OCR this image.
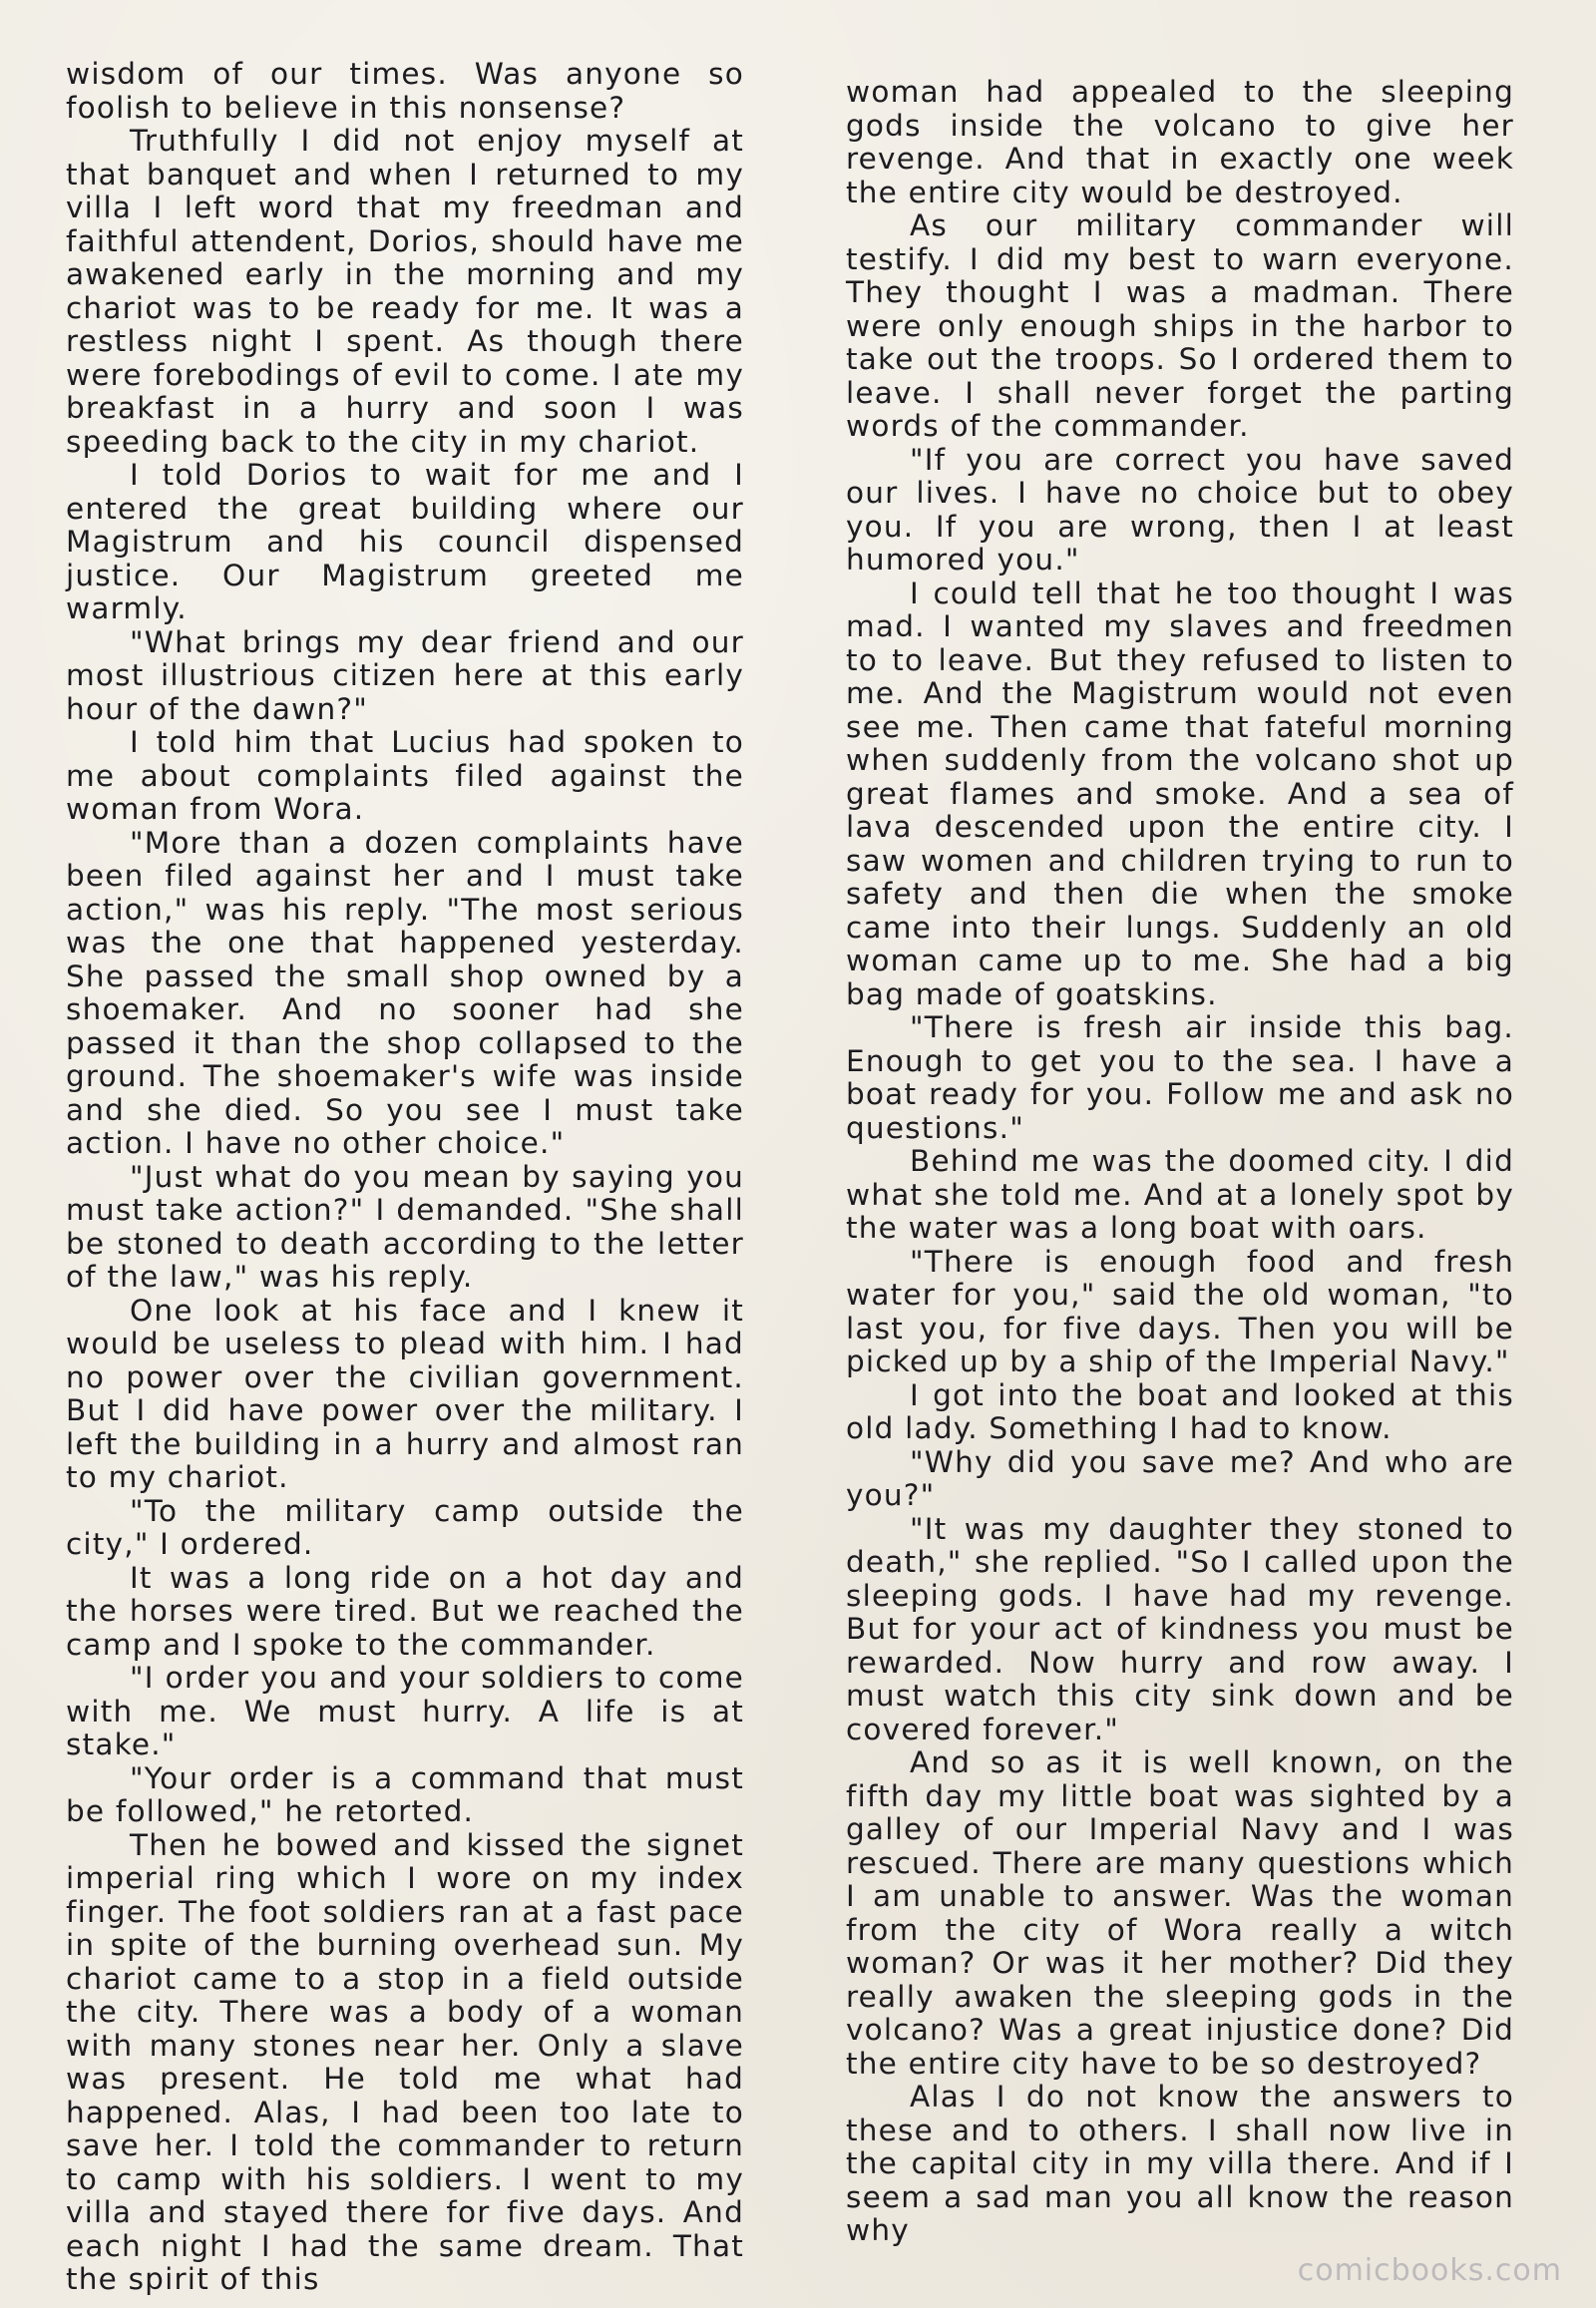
wisdom of our times. Was anyone so foolish to believe in this nonsense?

Truthfully I did not enjoy myself at that banquet and when I returned to my villa I left word that my freedman and faithful attendent, Dorios, should have me awakened early in the morning and my chariot was to be ready for me. It was a restless night I spent. As though there were forebodings of evil to come. I ate my breakfast in a hurry and soon I was speeding back to the city in my chariot.

I told Dorios to wait for me and I entered the great building where our Magistrum and his council dispensed justice. Our Magistrum greeted me warmly.

"What brings my dear friend and our most illustrious citizen here at this early hour of the dawn?"

I told him that Lucius had spoken to me about complaints filed against the woman from Wora.

"More than a dozen complaints have been filed against her and I must take action," was his reply. "The most serious was the one that happened yesterday. She passed the small shop owned by a shoemaker. And no sooner had she passed it than the shop collapsed to the ground. The shoemaker's wife was inside and she died. So you see I must take action. I have no other choice."

"Just what do you mean by saying you must take action?" I demanded. "She shall be stoned to death according to the letter of the law," was his reply.

One look at his face and I knew it would be useless to plead with him. I had no power over the civilian government. But I did have power over the military. I left the building in a hurry and almost ran to my chariot.

"To the military camp outside the city," I ordered.

It was a long ride on a hot day and the horses were tired. But we reached the camp and I spoke to the commander.

"I order you and your soldiers to come with me. We must hurry. A life is at stake."

"Your order is a command that must be followed," he retorted.

Then he bowed and kissed the signet imperial ring which I wore on my index finger. The foot soldiers ran at a fast pace in spite of the burning overhead sun. My chariot came to a stop in a field outside the city. There was a body of a woman with many stones near her. Only a slave was present. He told me what had happened. Alas, I had been too late to save her. I told the commander to return to camp with his soldiers. I went to my villa and stayed there for five days. And each night I had the same dream. That the spirit of this

woman had appealed to the sleeping gods inside the volcano to give her revenge. And that in exactly one week the entire city would be destroyed.

As our military commander will testify. I did my best to warn everyone. They thought I was a madman. There were only enough ships in the harbor to take out the troops. So I ordered them to leave. I shall never forget the parting words of the commander.

"If you are correct you have saved our lives. I have no choice but to obey you. If you are wrong, then I at least humored you."

I could tell that he too thought I was mad. I wanted my slaves and freedmen to to leave. But they refused to listen to me. And the Magistrum would not even see me. Then came that fateful morning when suddenly from the volcano shot up great flames and smoke. And a sea of lava descended upon the entire city. I saw women and children trying to run to safety and then die when the smoke came into their lungs. Suddenly an old woman came up to me. She had a big bag made of goatskins.

"There is fresh air inside this bag. Enough to get you to the sea. I have a boat ready for you. Follow me and ask no questions."

Behind me was the doomed city. I did what she told me. And at a lonely spot by the water was a long boat with oars.

"There is enough food and fresh water for you," said the old woman, "to last you, for five days. Then you will be picked up by a ship of the Imperial Navy."

I got into the boat and looked at this old lady. Something I had to know.

"Why did you save me? And who are you?"

"It was my daughter they stoned to death," she replied. "So I called upon the sleeping gods. I have had my revenge. But for your act of kindness you must be rewarded. Now hurry and row away. I must watch this city sink down and be covered forever."

And so as it is well known, on the fifth day my little boat was sighted by a galley of our Imperial Navy and I was rescued. There are many questions which I am unable to answer. Was the woman from the city of Wora really a witch woman? Or was it her mother? Did they really awaken the sleeping gods in the volcano? Was a great injustice done? Did the entire city have to be so destroyed?

Alas I do not know the answers to these and to others. I shall now live in the capital city in my villa there. And if I seem a sad man you all know the reason why

comicbooks.com
